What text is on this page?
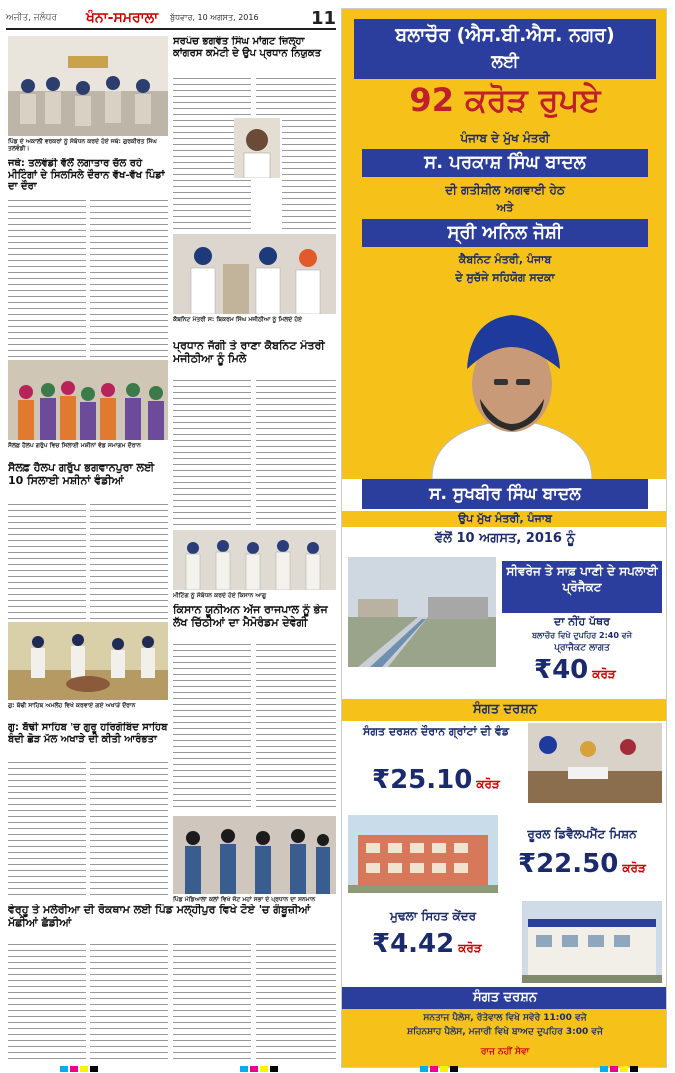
ਅਜੀਤ, ਜਲੰਧਰ	ਖੰਨਾ-ਸਮਰਾਲਾ ਬੁੱਧਵਾਰ, 10 ਅਗਸਤ, 2016	11
ਪਿੰਡ ਦੇ ਅਕਾਲੀ ਵਰਕਰਾਂ ਨੂੰ ਸੰਬੋਧਨ ਕਰਦੇ ਹੋਏ ਜਥੇ: ਗੁਰਕੀਰਤ ਸਿੰਘ ਤਲਵੰਡੀ।
ਜਥੇ: ਤਲਵੰਡੀ ਵੱਲੋਂ ਲਗਾਤਾਰ ਚੱਲ ਰਹੇ ਮੀਟਿੰਗਾਂ ਦੇ ਸਿਲਸਿਲੇ ਦੌਰਾਨ ਵੱਖ-ਵੱਖ ਪਿੰਡਾਂ ਦਾ ਦੌਰਾ
ਸੈਲਫ਼ ਹੈਲਪ ਗਰੁੱਪ ਵਿਚ ਸਿਲਾਈ ਮਸ਼ੀਨਾਂ ਵੰਡ ਸਮਾਗਮ ਦੌਰਾਨ
ਸੈਲਫ਼ ਹੈਲਪ ਗਰੁੱਪ ਭਗਵਾਨਪੁਰਾ ਲਈ 10 ਸਿਲਾਈ ਮਸ਼ੀਨਾਂ ਵੰਡੀਆਂ
ਗੁ: ਬੱਢੀ ਸਾਹਿਬ ਅਮਲੋਹ ਵਿਖੇ ਕਰਵਾਏ ਗਏ ਅਖਾੜੇ ਦੌਰਾਨ
ਗੁ: ਬੱਢੀ ਸਾਹਿਬ 'ਚ ਗੁਰੂ ਹਰਿਗੋਬਿੰਦ ਸਾਹਿਬ ਬੰਦੀ ਛੋੜ ਮੱਲ ਅਖਾੜੇ ਦੀ ਕੀਤੀ ਆਰੰਭਤਾ
ਵੇਰ੍ਹੂ ਤੇ ਮਲੇਰੀਆ ਦੀ ਰੋਕਥਾਮ ਲਈ ਪਿੰਡ ਮਲ੍ਹੀਪੁਰ ਵਿਖੇ ਟੋਏ 'ਚ ਗੰਬੂਜ਼ੀਆਂ ਮੱਛੀਆਂ ਛੱਡੀਆਂ
ਸਰਪੰਚ ਭਗਵੰਤ ਸਿੰਘ ਮਾਂਗਟ ਜ਼ਿਲ੍ਹਾ ਕਾਂਗਰਸ ਕਮੇਟੀ ਦੇ ਉਪ ਪ੍ਰਧਾਨ ਨਿਯੁਕਤ
ਕੈਬਨਿਟ ਮੰਤਰੀ ਸ: ਬਿਕਰਮ ਸਿੰਘ ਮਜੀਠੀਆ ਨੂੰ ਮਿਲਦੇ ਹੋਏ
ਪ੍ਰਧਾਨ ਜੱਗੀ ਤੇ ਰਾਣਾ ਕੈਬਨਿਟ ਮੰਤਰੀ ਮਜੀਠੀਆ ਨੂੰ ਮਿਲੇ
ਮੀਟਿੰਗ ਨੂੰ ਸੰਬੋਧਨ ਕਰਦੇ ਹੋਏ ਕਿਸਾਨ ਆਗੂ
ਕਿਸਾਨ ਯੂਨੀਅਨ ਅੱਜ ਰਾਜਪਾਲ ਨੂੰ ਭੇਜ ਲੱਖ ਚਿੱਠੀਆਂ ਦਾ ਮੈਮੋਰੰਡਮ ਦੇਵੇਗੀ
ਪਿੰਡ ਮੰਡਿਆਲਾ ਕਲਾਂ ਵਿਖੇ ਜੱਟ ਮਹਾਂ ਸਭਾ ਦੇ ਪ੍ਰਧਾਨ ਦਾ ਸਨਮਾਨ
ਬਲਾਚੌਰ (ਐਸ.ਬੀ.ਐਸ. ਨਗਰ)
ਲਈ
92 ਕਰੋੜ ਰੁਪਏ
ਪੰਜਾਬ ਦੇ ਮੁੱਖ ਮੰਤਰੀ
ਸ. ਪਰਕਾਸ਼ ਸਿੰਘ ਬਾਦਲ
ਦੀ ਗਤੀਸ਼ੀਲ ਅਗਵਾਈ ਹੇਠ
ਅਤੇ
ਸ੍ਰੀ ਅਨਿਲ ਜੋਸ਼ੀ
ਕੈਬਨਿਟ ਮੰਤਰੀ, ਪੰਜਾਬ
ਦੇ ਸੁਚੱਜੇ ਸਹਿਯੋਗ ਸਦਕਾ
ਸ. ਸੁਖਬੀਰ ਸਿੰਘ ਬਾਦਲ
ਉਪ ਮੁੱਖ ਮੰਤਰੀ, ਪੰਜਾਬ
ਵੱਲੋਂ 10 ਅਗਸਤ, 2016 ਨੂੰ
ਸੀਵਰੇਜ ਤੇ ਸਾਫ਼ ਪਾਣੀ ਦੇ ਸਪਲਾਈ ਪ੍ਰੋਜੈਕਟ
ਦਾ ਨੀਂਹ ਪੱਥਰ
ਬਲਾਚੌਰ ਵਿਖੇ ਦੁਪਹਿਰ 2:40 ਵਜੇ
ਪ੍ਰਾਜੈਕਟ ਲਾਗਤ
₹40 ਕਰੋੜ
ਸੰਗਤ ਦਰਸ਼ਨ
ਸੰਗਤ ਦਰਸ਼ਨ ਦੌਰਾਨ ਗ੍ਰਾਂਟਾਂ ਦੀ ਵੰਡ
₹25.10 ਕਰੋੜ
ਰੂਰਲ ਡਿਵੈਲਪਮੈਂਟ ਮਿਸ਼ਨ
₹22.50 ਕਰੋੜ
ਮੁਢਲਾ ਸਿਹਤ ਕੇਂਦਰ
₹4.42 ਕਰੋੜ
ਸੰਗਤ ਦਰਸ਼ਨ
ਸਨਤਾਜ ਪੈਲੇਸ, ਰੱਤੇਵਾਲ ਵਿਖੇ ਸਵੇਰੇ 11:00 ਵਜੇ
ਸ਼ਹਿਨਸ਼ਾਹ ਪੈਲੇਸ, ਮਜਾਰੀ ਵਿਖੇ ਬਾਅਦ ਦੁਪਹਿਰ 3:00 ਵਜੇ
ਰਾਜ ਨਹੀਂ ਸੇਵਾ
